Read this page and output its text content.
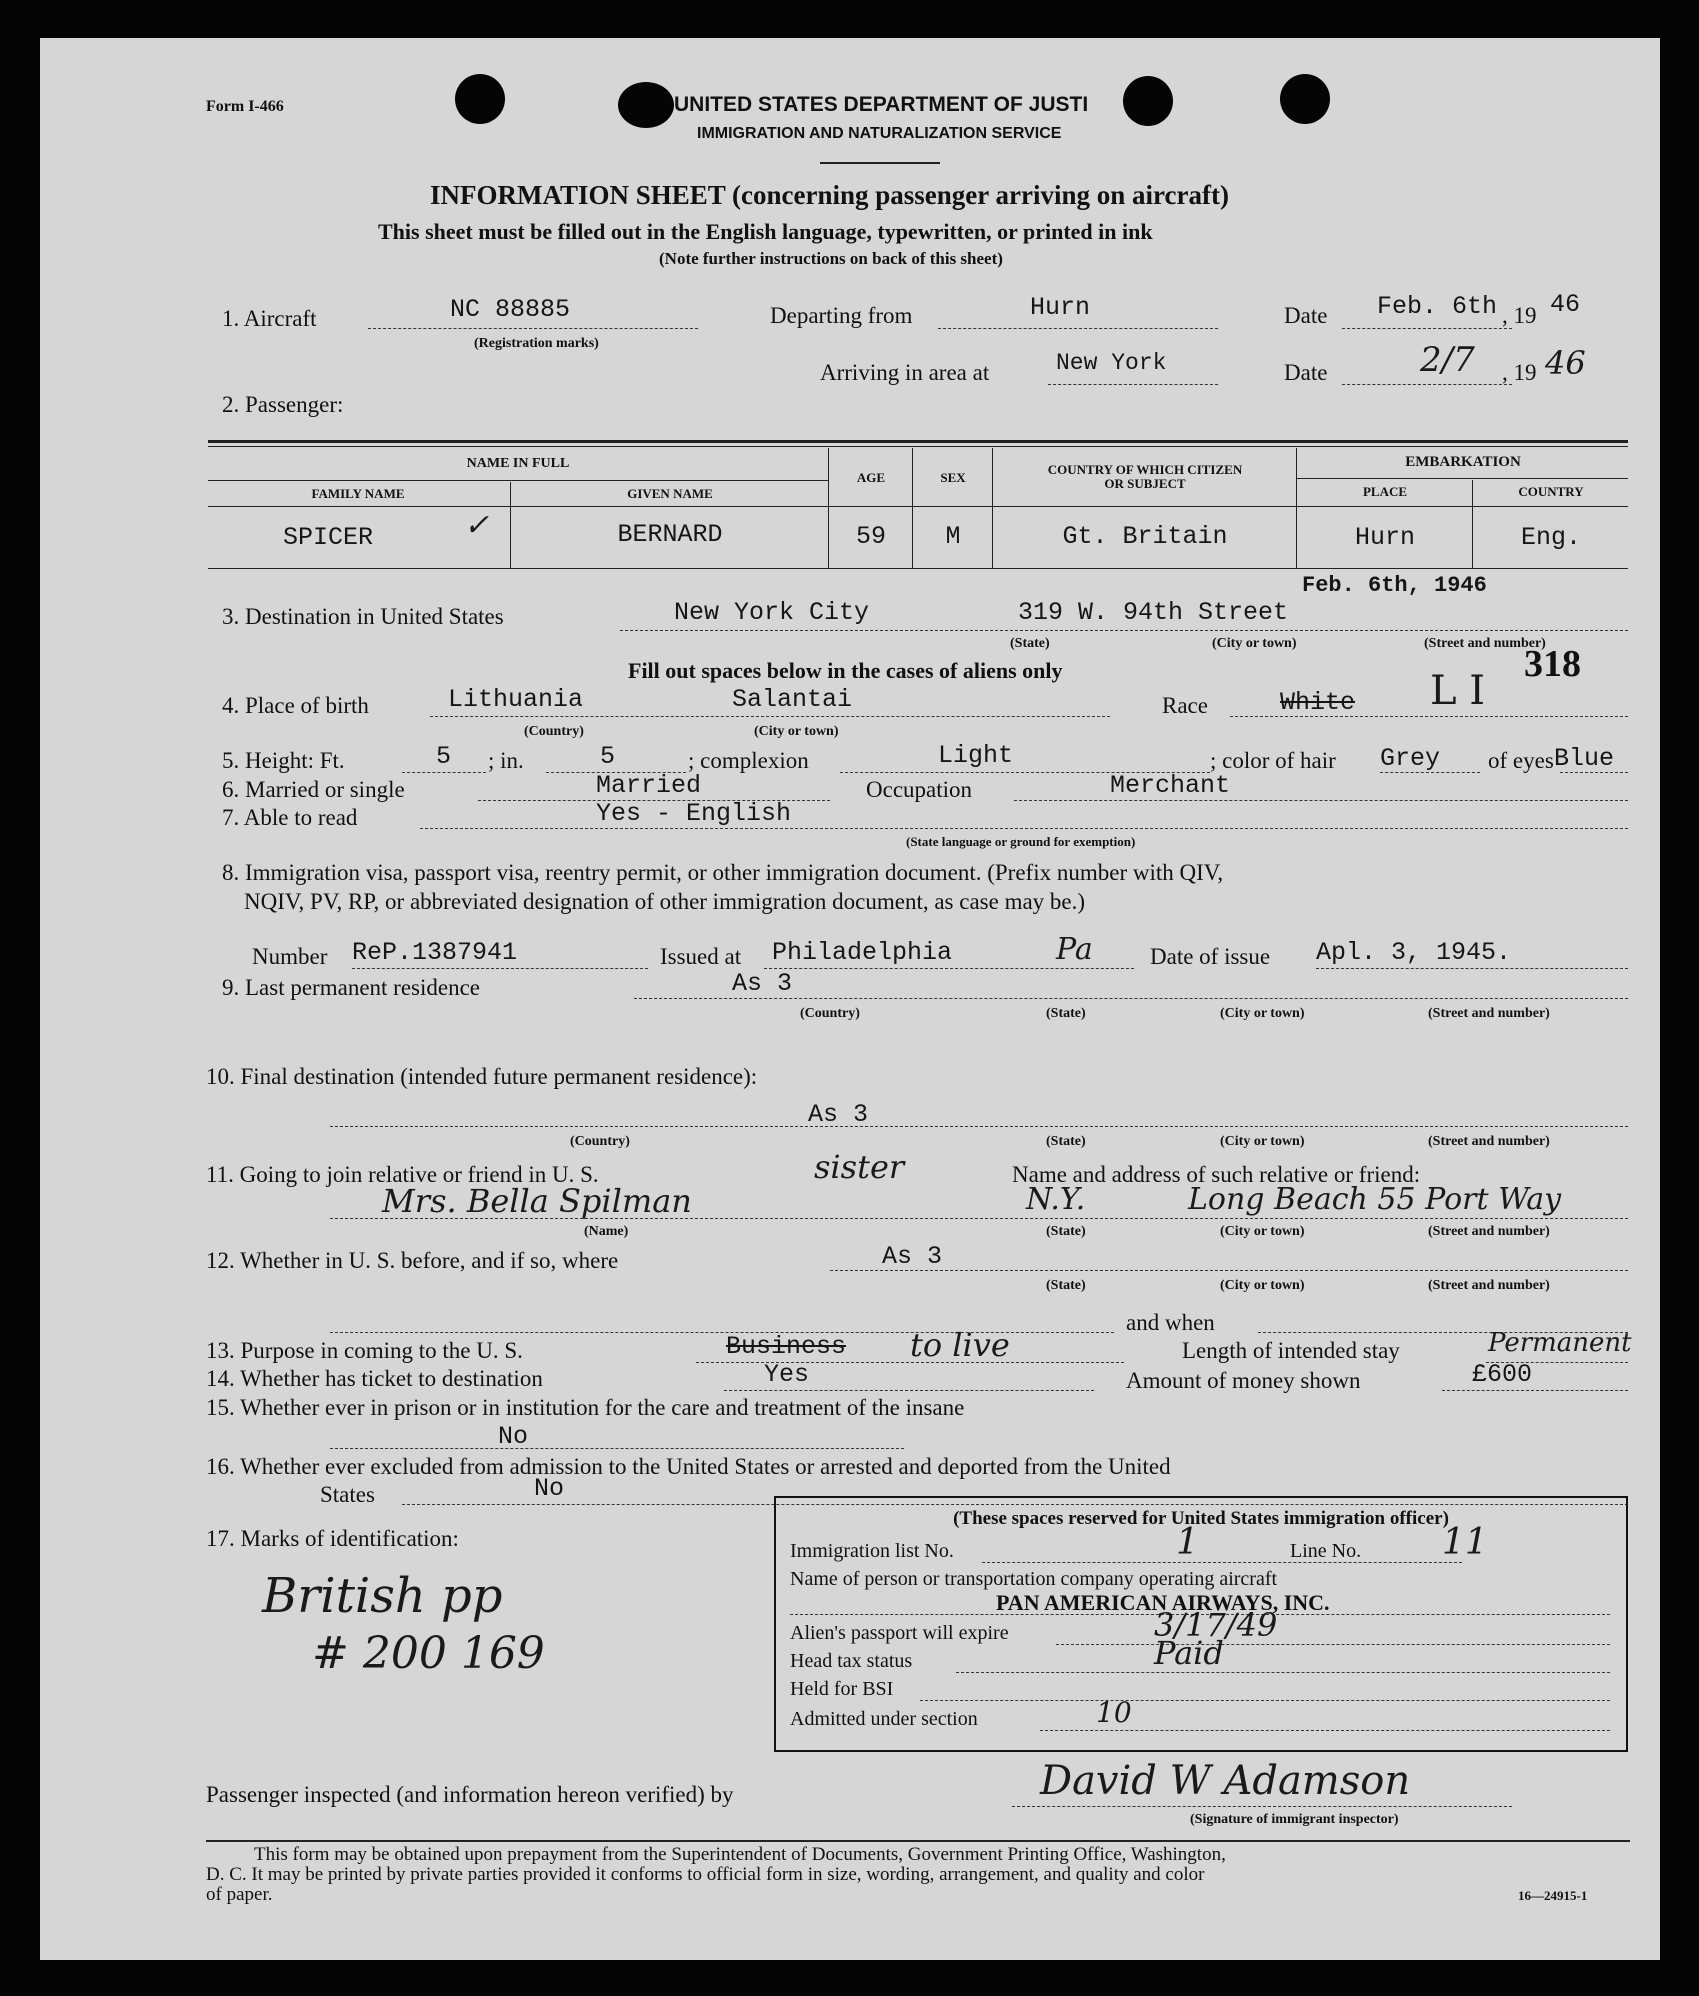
Form I-466	UNITED STATES DEPARTMENT OF JUSTI
IMMIGRATION AND NATURALIZATION SERVICE
INFORMATION SHEET (concerning passenger arriving on aircraft)
This sheet must be filled out in the English language, typewritten, or printed in ink
(Note further instructions on back of this sheet)
1. Aircraft	NC 88885
(Registration marks)
Departing from	Hurn	Date Feb. 6th , 19 46
Arriving in area at	New York	Date	2/7 , 19 46
2. Passenger:
NAME IN FULL
FAMILY NAME	GIVEN NAME
AGE	SEX
COUNTRY OF WHICH CITIZEN
OR SUBJECT
EMBARKATION
PLACE	COUNTRY
SPICER	✓	BERNARD	59	M	Gt. Britain	Hurn	Eng.
Feb. 6th, 1946
3. Destination in United States	New York City	319 W. 94th Street
(State)	(City or town)	(Street and number)
318
Fill out spaces below in the cases of aliens only
4. Place of birth	Lithuania	Salantai
(Country)	(City or town)
Race	White L I
5. Height: Ft.	5 ; in.	5	; complexion	Light	; color of hair Grey of eyes Blue
6. Married or single	Married	Occupation	Merchant
7. Able to read	Yes - English
(State language or ground for exemption)
8. Immigration visa, passport visa, reentry permit, or other immigration document. (Prefix number with QIV,
NQIV, PV, RP, or abbreviated designation of other immigration document, as case may be.)
Number ReP.1387941	Issued at Philadelphia	Pa Date of issue Apl. 3, 1945.
9. Last permanent residence	As 3
(Country)	(State)	(City or town)	(Street and number)
10. Final destination (intended future permanent residence):
As 3
(Country)	(State)	(City or town)	(Street and number)
11. Going to join relative or friend in U. S.	sister	Name and address of such relative or friend:
Mrs. Bella Spilman	N.Y.	Long Beach 55 Port Way
(Name)	(State)	(City or town)	(Street and number)
12. Whether in U. S. before, and if so, where	As 3
(State)	(City or town)	(Street and number)
and when
13. Purpose in coming to the U. S.	Business to live	Length of intended stay	Permanent
14. Whether has ticket to destination	Yes	Amount of money shown	£600
15. Whether ever in prison or in institution for the care and treatment of the insane
No
16. Whether ever excluded from admission to the United States or arrested and deported from the United
States	No
17. Marks of identification:
British pp
# 200 169
(These spaces reserved for United States immigration officer)
Immigration list No.	1	Line No. 11
Name of person or transportation company operating aircraft
PAN AMERICAN AIRWAYS, INC.
Alien's passport will expire	3/17/49
Head tax status	Paid
Held for BSI
Admitted under section	10
Passenger inspected (and information hereon verified) by	David W Adamson
(Signature of immigrant inspector)
This form may be obtained upon prepayment from the Superintendent of Documents, Government Printing Office, Washington,
D. C. It may be printed by private parties provided it conforms to official form in size, wording, arrangement, and quality and color
of paper.	16—24915-1
